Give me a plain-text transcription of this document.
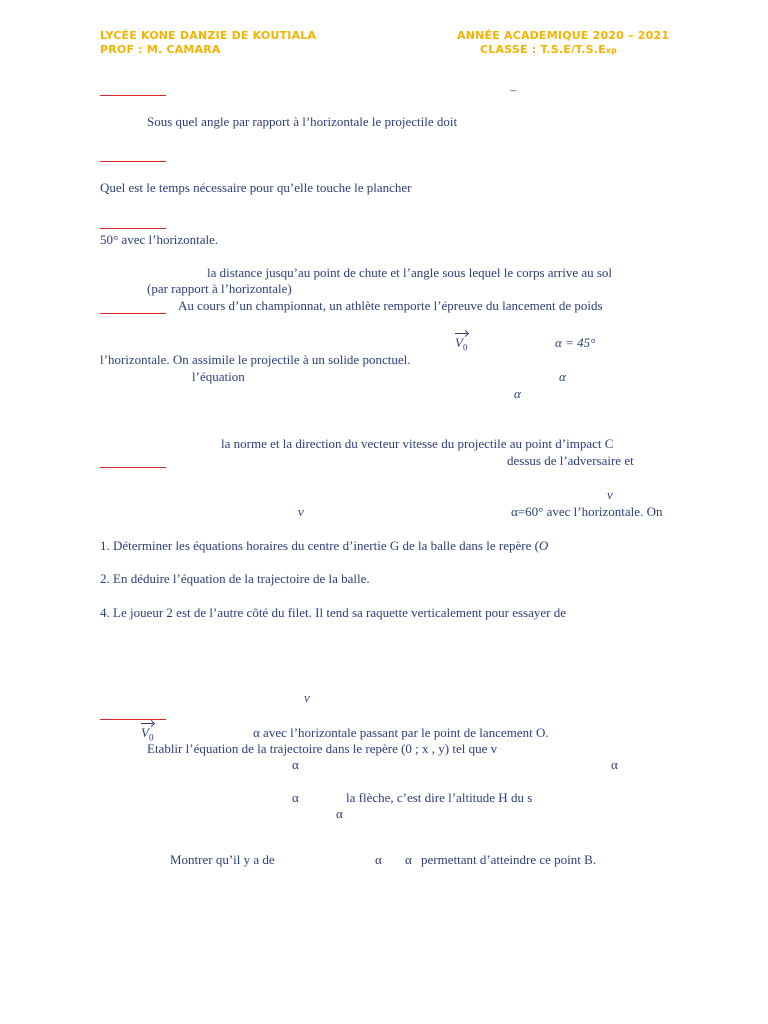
LYCÉE KONE DANZIE DE KOUTIALA
PROF : M. CAMARA
ANNÉE ACADEMIQUE 2020 – 2021
CLASSE : T.S.E/T.S.Exp
–
Sous quel angle par rapport à l’horizontale le projectile doit
Quel est le temps nécessaire pour qu’elle touche le plancher
50° avec l’horizontale.
la distance jusqu’au point de chute et l’angle sous lequel le corps arrive au sol
(par rapport à l’horizontale)
Au cours d’un championnat, un athlète remporte l’épreuve du lancement de poids
$V_0$	α = 45°
l’horizontale. On assimile le projectile à un solide ponctuel.
l’équation	α
α
la norme et la direction du vecteur vitesse du projectile au point d’impact C
dessus de l’adversaire et
v
v	α=60° avec l’horizontale. On
1. Déterminer les équations horaires du centre d’inertie G de la balle dans le repère (O
2. En déduire l’équation de la trajectoire de la balle.
4. Le joueur 2 est de l’autre côté du filet. Il tend sa raquette verticalement pour essayer de
v
$V_0$	α avec l’horizontale passant par le point de lancement O.
Etablir l’équation de la trajectoire dans le repère (0 ; x , y) tel que v
α	α
α	la flèche, c’est dire l’altitude H du s
α
Montrer qu’il y a de	α α permettant d’atteindre ce point B.
